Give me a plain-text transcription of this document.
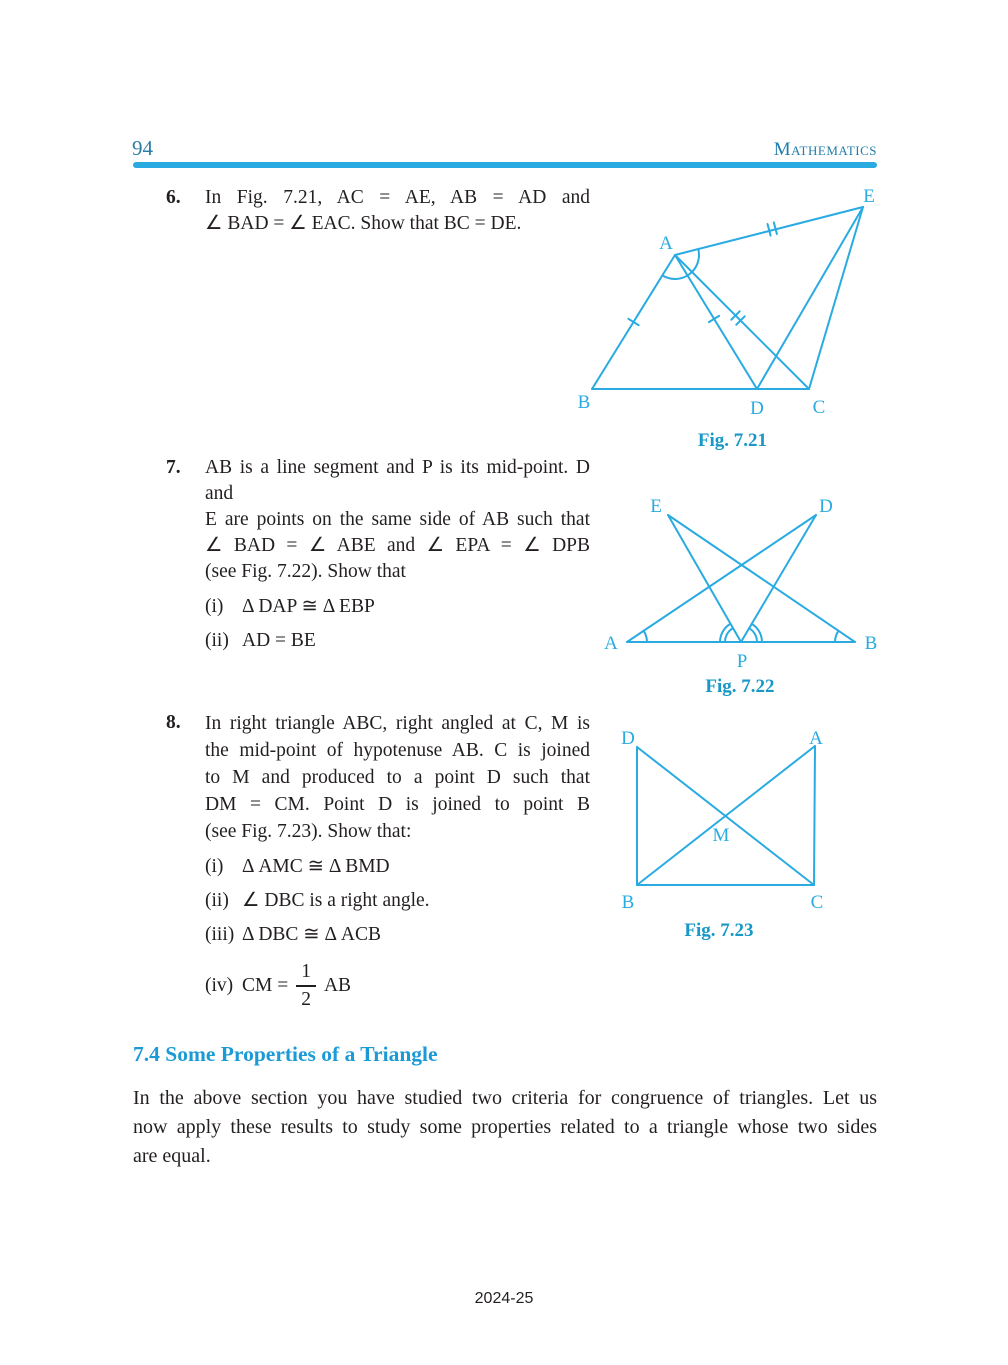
94	Mathematics
6. In Fig. 7.21, AC = AE, AB = AD and
∠ BAD = ∠ EAC. Show that BC = DE.
A
E
B	D	C
Fig. 7.21
7. AB is a line segment and P is its mid-point. D and
E are points on the same side of AB such that
∠ BAD = ∠ ABE and ∠ EPA = ∠ DPB
(see Fig. 7.22). Show that
(i) Δ DAP ≅ Δ EBP
(ii) AD = BE
E	D
A	B
P
Fig. 7.22
8. In right triangle ABC, right angled at C, M is
the mid-point of hypotenuse AB. C is joined
to M and produced to a point D such that
DM = CM. Point D is joined to point B
(see Fig. 7.23). Show that:
(i) Δ AMC ≅ Δ BMD
(ii) ∠ DBC is a right angle.
(iii) Δ DBC ≅ Δ ACB
(iv) CM = $\frac{1}{2}$ AB
D	A
B	C
M
Fig. 7.23
7.4 Some Properties of a Triangle
In the above section you have studied two criteria for congruence of triangles. Let us
now apply these results to study some properties related to a triangle whose two sides
are equal.
2024-25
